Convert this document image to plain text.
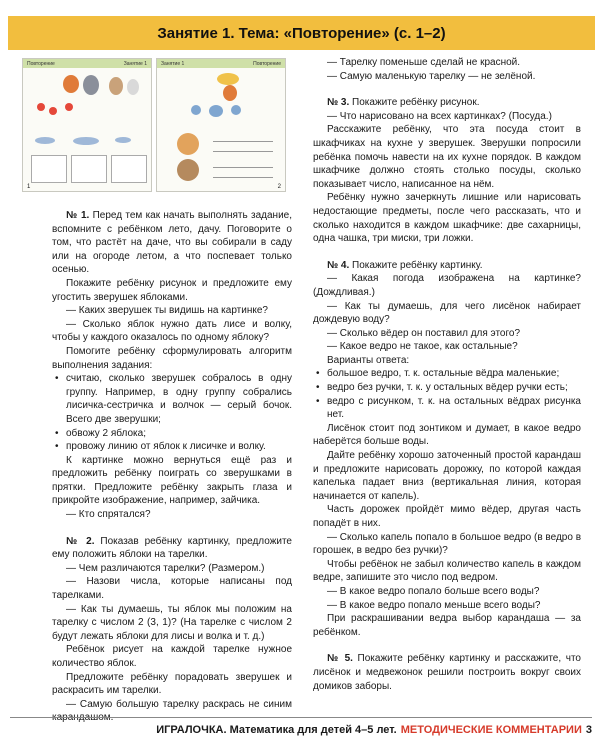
Занятие 1. Тема: «Повторение» (с. 1–2)
Повторение	Занятие 1
1
Занятие 1	Повторение
2

№ 1. Перед тем как начать выполнять задание, вспомните с ребёнком лето, дачу. Поговорите о том, что растёт на даче, что вы собирали в саду или на огороде летом, а что поспевает только осенью.

Покажите ребёнку рисунок и предложите ему угостить зверушек яблоками.

— Каких зверушек ты видишь на картинке?

— Сколько яблок нужно дать лисе и волку, чтобы у каждого оказалось по одному яблоку?

Помогите ребёнку сформулировать алгоритм выполнения задания:

• считаю, сколько зверушек собралось в одну группу. Например, в одну группу собрались лисичка-сестричка и волчок — серый бочок. Всего две зверушки;

• обвожу 2 яблока;

• провожу линию от яблок к лисичке и волку.

К картинке можно вернуться ещё раз и предложить ребёнку поиграть со зверушками в прятки. Предложите ребёнку закрыть глаза и прикройте изображение, например, зайчика.

— Кто спрятался?

№ 2. Показав ребёнку картинку, предложите ему положить яблоки на тарелки.

— Чем различаются тарелки? (Размером.)

— Назови числа, которые написаны под тарелками.

— Как ты думаешь, ты яблок мы положим на тарелку с числом 2 (3, 1)? (На тарелке с числом 2 будут лежать яблоки для лисы и волка и т. д.)

Ребёнок рисует на каждой тарелке нужное количество яблок.

Предложите ребёнку порадовать зверушек и раскрасить им тарелки.

— Самую большую тарелку раскрась не синим карандашом.

— Тарелку поменьше сделай не красной.

— Самую маленькую тарелку — не зелёной.

№ 3. Покажите ребёнку рисунок.

— Что нарисовано на всех картинках? (Посуда.)

Расскажите ребёнку, что эта посуда стоит в шкафчиках на кухне у зверушек. Зверушки попросили ребёнка помочь навести на их кухне порядок. В каждом шкафчике должно стоять столько посуды, сколько показывает число, написанное на нём.

Ребёнку нужно зачеркнуть лишние или нарисовать недостающие предметы, после чего рассказать, что и сколько находится в каждом шкафчике: две сахарницы, одна чашка, три миски, три ложки.

№ 4. Покажите ребёнку картинку.

— Какая погода изображена на картинке? (Дождливая.)

— Как ты думаешь, для чего лисёнок набирает дождевую воду?

— Сколько вёдер он поставил для этого?

— Какое ведро не такое, как остальные?

Варианты ответа:

• большое ведро, т. к. остальные вёдра маленькие;

• ведро без ручки, т. к. у остальных вёдер ручки есть;

• ведро с рисунком, т. к. на остальных вёдрах рисунка нет.

Лисёнок стоит под зонтиком и думает, в какое ведро наберётся больше воды.

Дайте ребёнку хорошо заточенный простой карандаш и предложите нарисовать дорожку, по которой каждая капелька падает вниз (вертикальная линия, которая начинается от капель).

Часть дорожек пройдёт мимо вёдер, другая часть попадёт в них.

— Сколько капель попало в большое ведро (в ведро в горошек, в ведро без ручки)?

Чтобы ребёнок не забыл количество капель в каждом ведре, запишите это число под ведром.

— В какое ведро попало больше всего воды?

— В какое ведро попало меньше всего воды?

При раскрашивании ведра выбор карандаша — за ребёнком.

№ 5. Покажите ребёнку картинку и расскажите, что лисёнок и медвежонок решили построить вокруг своих домиков заборы.

ИГРАЛОЧКА. Математика для детей 4–5 лет. МЕТОДИЧЕСКИЕ КОММЕНТАРИИ 3
